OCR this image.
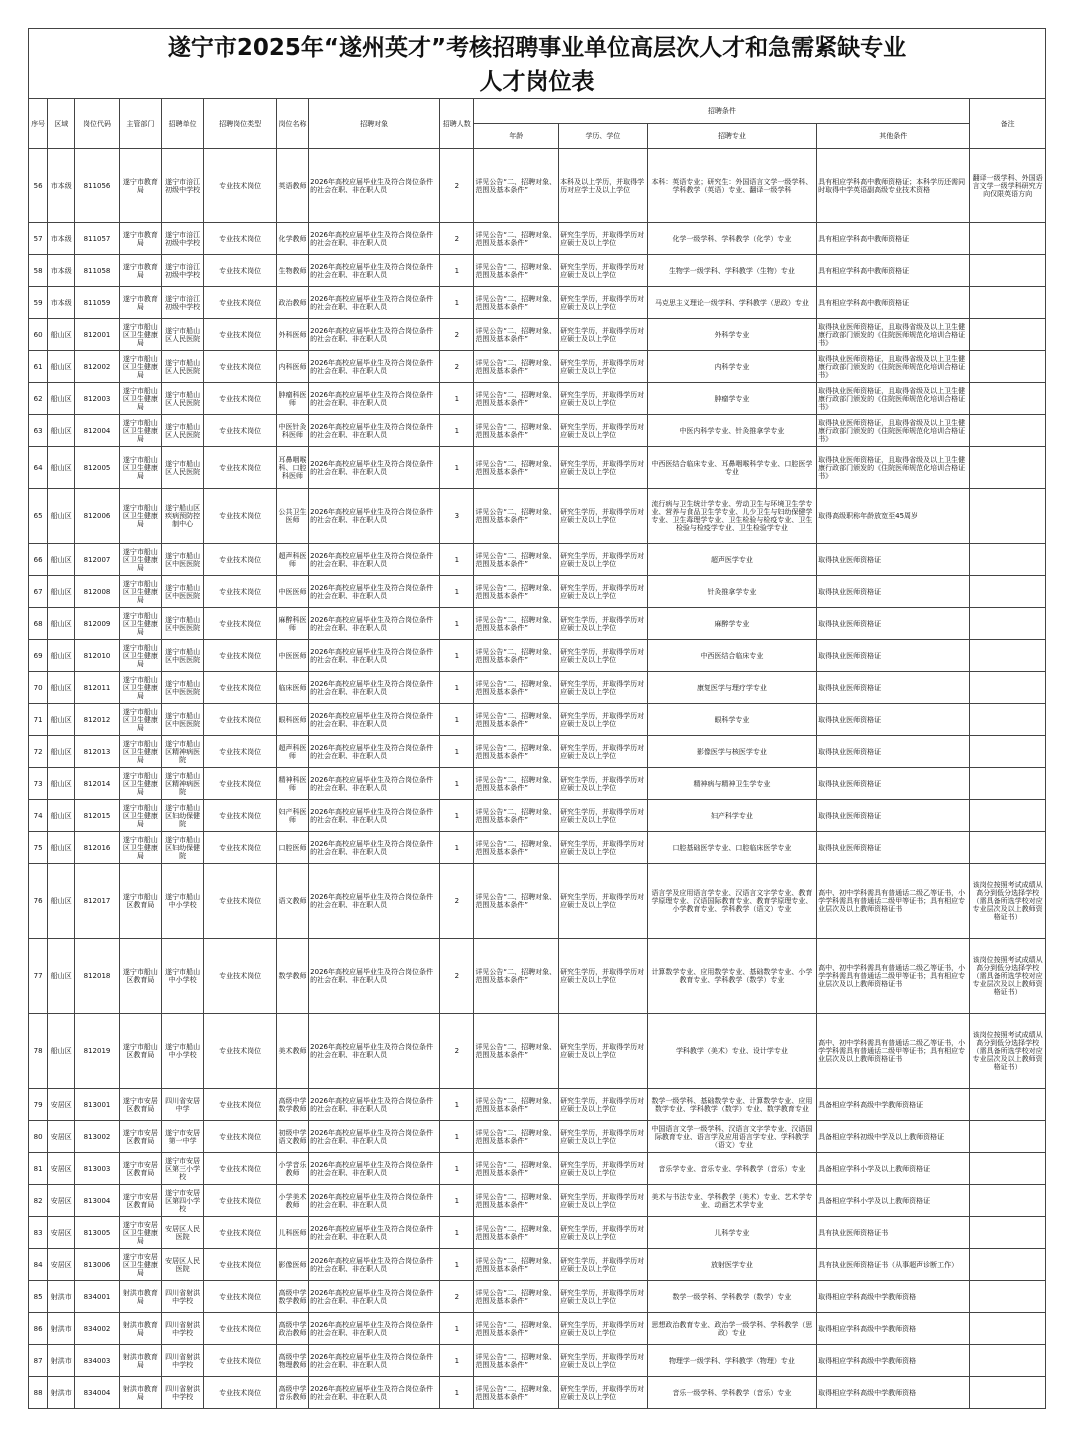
遂宁市2025年“遂州英才”考核招聘事业单位高层次人才和急需紧缺专业
人才岗位表
序号	区域	岗位代码	主管部门	招聘单位	招聘岗位类型	岗位名称	招聘对象	招聘人数	招聘条件				备注
									年龄	学历、学位	招聘专业	其他条件	
56	市本级	811056	遂宁市教育局	遂宁市涪江初级中学校	专业技术岗位	英语教师	2026年高校应届毕业生及符合岗位条件的社会在职、非在职人员	2	详见公告“二、招聘对象、范围及基本条件”	本科及以上学历，并取得学历对应学士及以上学位	本科：英语专业；研究生：外国语言文学一级学科、学科教学（英语）专业、翻译一级学科	具有相应学科高中教师资格证；本科学历还需同时取得中学英语副高级专业技术资格	翻译一级学科、外国语言文学一级学科研究方向仅限英语方向
57	市本级	811057	遂宁市教育局	遂宁市涪江初级中学校	专业技术岗位	化学教师	2026年高校应届毕业生及符合岗位条件的社会在职、非在职人员	2	详见公告“二、招聘对象、范围及基本条件”	研究生学历，并取得学历对应硕士及以上学位	化学一级学科、学科教学（化学）专业	具有相应学科高中教师资格证	
58	市本级	811058	遂宁市教育局	遂宁市涪江初级中学校	专业技术岗位	生物教师	2026年高校应届毕业生及符合岗位条件的社会在职、非在职人员	1	详见公告“二、招聘对象、范围及基本条件”	研究生学历，并取得学历对应硕士及以上学位	生物学一级学科、学科教学（生物）专业	具有相应学科高中教师资格证	
59	市本级	811059	遂宁市教育局	遂宁市涪江初级中学校	专业技术岗位	政治教师	2026年高校应届毕业生及符合岗位条件的社会在职、非在职人员	1	详见公告“二、招聘对象、范围及基本条件”	研究生学历，并取得学历对应硕士及以上学位	马克思主义理论一级学科、学科教学（思政）专业	具有相应学科高中教师资格证	
60	船山区	812001	遂宁市船山区卫生健康局	遂宁市船山区人民医院	专业技术岗位	外科医师	2026年高校应届毕业生及符合岗位条件的社会在职、非在职人员	2	详见公告“二、招聘对象、范围及基本条件”	研究生学历，并取得学历对应硕士及以上学位	外科学专业	取得执业医师资格证，且取得省级及以上卫生健康行政部门颁发的《住院医师规范化培训合格证书》	
61	船山区	812002	遂宁市船山区卫生健康局	遂宁市船山区人民医院	专业技术岗位	内科医师	2026年高校应届毕业生及符合岗位条件的社会在职、非在职人员	2	详见公告“二、招聘对象、范围及基本条件”	研究生学历，并取得学历对应硕士及以上学位	内科学专业	取得执业医师资格证，且取得省级及以上卫生健康行政部门颁发的《住院医师规范化培训合格证书》	
62	船山区	812003	遂宁市船山区卫生健康局	遂宁市船山区人民医院	专业技术岗位	肿瘤科医师	2026年高校应届毕业生及符合岗位条件的社会在职、非在职人员	1	详见公告“二、招聘对象、范围及基本条件”	研究生学历，并取得学历对应硕士及以上学位	肿瘤学专业	取得执业医师资格证，且取得省级及以上卫生健康行政部门颁发的《住院医师规范化培训合格证书》	
63	船山区	812004	遂宁市船山区卫生健康局	遂宁市船山区人民医院	专业技术岗位	中医针灸科医师	2026年高校应届毕业生及符合岗位条件的社会在职、非在职人员	1	详见公告“二、招聘对象、范围及基本条件”	研究生学历，并取得学历对应硕士及以上学位	中医内科学专业、针灸推拿学专业	取得执业医师资格证，且取得省级及以上卫生健康行政部门颁发的《住院医师规范化培训合格证书》	
64	船山区	812005	遂宁市船山区卫生健康局	遂宁市船山区人民医院	专业技术岗位	耳鼻咽喉科、口腔科医师	2026年高校应届毕业生及符合岗位条件的社会在职、非在职人员	1	详见公告“二、招聘对象、范围及基本条件”	研究生学历，并取得学历对应硕士及以上学位	中西医结合临床专业、耳鼻咽喉科学专业、口腔医学专业	取得执业医师资格证，且取得省级及以上卫生健康行政部门颁发的《住院医师规范化培训合格证书》	
65	船山区	812006	遂宁市船山区卫生健康局	遂宁船山区疾病预防控制中心	专业技术岗位	公共卫生医师	2026年高校应届毕业生及符合岗位条件的社会在职、非在职人员	3	详见公告“二、招聘对象、范围及基本条件”	研究生学历，并取得学历对应硕士及以上学位	流行病与卫生统计学专业、劳动卫生与环境卫生学专业、营养与食品卫生学专业、儿少卫生与妇幼保健学专业、卫生毒理学专业、卫生检验与检疫专业、卫生检验与检疫学专业、卫生检验学专业	取得高级职称年龄放宽至45周岁	
66	船山区	812007	遂宁市船山区卫生健康局	遂宁市船山区中医医院	专业技术岗位	超声科医师	2026年高校应届毕业生及符合岗位条件的社会在职、非在职人员	1	详见公告“二、招聘对象、范围及基本条件”	研究生学历，并取得学历对应硕士及以上学位	超声医学专业	取得执业医师资格证	
67	船山区	812008	遂宁市船山区卫生健康局	遂宁市船山区中医医院	专业技术岗位	中医医师	2026年高校应届毕业生及符合岗位条件的社会在职、非在职人员	1	详见公告“二、招聘对象、范围及基本条件”	研究生学历，并取得学历对应硕士及以上学位	针灸推拿学专业	取得执业医师资格证	
68	船山区	812009	遂宁市船山区卫生健康局	遂宁市船山区中医医院	专业技术岗位	麻醉科医师	2026年高校应届毕业生及符合岗位条件的社会在职、非在职人员	1	详见公告“二、招聘对象、范围及基本条件”	研究生学历，并取得学历对应硕士及以上学位	麻醉学专业	取得执业医师资格证	
69	船山区	812010	遂宁市船山区卫生健康局	遂宁市船山区中医医院	专业技术岗位	中医医师	2026年高校应届毕业生及符合岗位条件的社会在职、非在职人员	1	详见公告“二、招聘对象、范围及基本条件”	研究生学历，并取得学历对应硕士及以上学位	中西医结合临床专业	取得执业医师资格证	
70	船山区	812011	遂宁市船山区卫生健康局	遂宁市船山区中医医院	专业技术岗位	临床医师	2026年高校应届毕业生及符合岗位条件的社会在职、非在职人员	1	详见公告“二、招聘对象、范围及基本条件”	研究生学历，并取得学历对应硕士及以上学位	康复医学与理疗学专业	取得执业医师资格证	
71	船山区	812012	遂宁市船山区卫生健康局	遂宁市船山区中医医院	专业技术岗位	眼科医师	2026年高校应届毕业生及符合岗位条件的社会在职、非在职人员	1	详见公告“二、招聘对象、范围及基本条件”	研究生学历，并取得学历对应硕士及以上学位	眼科学专业	取得执业医师资格证	
72	船山区	812013	遂宁市船山区卫生健康局	遂宁市船山区精神病医院	专业技术岗位	超声科医师	2026年高校应届毕业生及符合岗位条件的社会在职、非在职人员	1	详见公告“二、招聘对象、范围及基本条件”	研究生学历，并取得学历对应硕士及以上学位	影像医学与核医学专业	取得执业医师资格证	
73	船山区	812014	遂宁市船山区卫生健康局	遂宁市船山区精神病医院	专业技术岗位	精神科医师	2026年高校应届毕业生及符合岗位条件的社会在职、非在职人员	1	详见公告“二、招聘对象、范围及基本条件”	研究生学历，并取得学历对应硕士及以上学位	精神病与精神卫生学专业	取得执业医师资格证	
74	船山区	812015	遂宁市船山区卫生健康局	遂宁市船山区妇幼保健院	专业技术岗位	妇产科医师	2026年高校应届毕业生及符合岗位条件的社会在职、非在职人员	1	详见公告“二、招聘对象、范围及基本条件”	研究生学历，并取得学历对应硕士及以上学位	妇产科学专业	取得执业医师资格证	
75	船山区	812016	遂宁市船山区卫生健康局	遂宁市船山区妇幼保健院	专业技术岗位	口腔医师	2026年高校应届毕业生及符合岗位条件的社会在职、非在职人员	1	详见公告“二、招聘对象、范围及基本条件”	研究生学历，并取得学历对应硕士及以上学位	口腔基础医学专业、口腔临床医学专业	取得执业医师资格证	
76	船山区	812017	遂宁市船山区教育局	遂宁市船山中小学校	专业技术岗位	语文教师	2026年高校应届毕业生及符合岗位条件的社会在职、非在职人员	2	详见公告“二、招聘对象、范围及基本条件”	研究生学历，并取得学历对应硕士及以上学位	语言学及应用语言学专业、汉语言文字学专业、教育学原理专业、汉语国际教育专业、教育学原理专业、小学教育专业、学科教学（语文）专业	高中、初中学科需具有普通话二级乙等证书，小学学科需具有普通话二级甲等证书；具有相应专业层次及以上教师资格证书	该岗位按照考试成绩从高分到低分选择学校（需具备所选学校对应专业层次及以上教师资格证书）
77	船山区	812018	遂宁市船山区教育局	遂宁市船山中小学校	专业技术岗位	数学教师	2026年高校应届毕业生及符合岗位条件的社会在职、非在职人员	2	详见公告“二、招聘对象、范围及基本条件”	研究生学历，并取得学历对应硕士及以上学位	计算数学专业、应用数学专业、基础数学专业、小学教育专业、学科教学（数学）专业	高中、初中学科需具有普通话二级乙等证书，小学学科需具有普通话二级甲等证书；具有相应专业层次及以上教师资格证书	该岗位按照考试成绩从高分到低分选择学校（需具备所选学校对应专业层次及以上教师资格证书）
78	船山区	812019	遂宁市船山区教育局	遂宁市船山中小学校	专业技术岗位	美术教师	2026年高校应届毕业生及符合岗位条件的社会在职、非在职人员	2	详见公告“二、招聘对象、范围及基本条件”	研究生学历，并取得学历对应硕士及以上学位	学科教学（美术）专业、设计学专业	高中、初中学科需具有普通话二级乙等证书，小学学科需具有普通话二级甲等证书；具有相应专业层次及以上教师资格证书	该岗位按照考试成绩从高分到低分选择学校（需具备所选学校对应专业层次及以上教师资格证书）
79	安居区	813001	遂宁市安居区教育局	四川省安居中学	专业技术岗位	高级中学数学教师	2026年高校应届毕业生及符合岗位条件的社会在职、非在职人员	1	详见公告“二、招聘对象、范围及基本条件”	研究生学历，并取得学历对应硕士及以上学位	数学一级学科、基础数学专业、计算数学专业、应用数学专业、学科教学（数学）专业、数学教育专业	具备相应学科高级中学教师资格证	
80	安居区	813002	遂宁市安居区教育局	遂宁市安居第一中学	专业技术岗位	初级中学语文教师	2026年高校应届毕业生及符合岗位条件的社会在职、非在职人员	1	详见公告“二、招聘对象、范围及基本条件”	研究生学历，并取得学历对应硕士及以上学位	中国语言文学一级学科、汉语言文字学专业、汉语国际教育专业、语言学及应用语言学专业、学科教学（语文）专业	具备相应学科初级中学及以上教师资格证	
81	安居区	813003	遂宁市安居区教育局	遂宁市安居区第三小学校	专业技术岗位	小学音乐教师	2026年高校应届毕业生及符合岗位条件的社会在职、非在职人员	1	详见公告“二、招聘对象、范围及基本条件”	研究生学历，并取得学历对应硕士及以上学位	音乐学专业、音乐专业、学科教学（音乐）专业	具备相应学科小学及以上教师资格证	
82	安居区	813004	遂宁市安居区教育局	遂宁市安居区第四小学校	专业技术岗位	小学美术教师	2026年高校应届毕业生及符合岗位条件的社会在职、非在职人员	1	详见公告“二、招聘对象、范围及基本条件”	研究生学历，并取得学历对应硕士及以上学位	美术与书法专业、学科教学（美术）专业、艺术学专业、动画艺术学专业	具备相应学科小学及以上教师资格证	
83	安居区	813005	遂宁市安居区卫生健康局	安居区人民医院	专业技术岗位	儿科医师	2026年高校应届毕业生及符合岗位条件的社会在职、非在职人员	1	详见公告“二、招聘对象、范围及基本条件”	研究生学历，并取得学历对应硕士及以上学位	儿科学专业	具有执业医师资格证书	
84	安居区	813006	遂宁市安居区卫生健康局	安居区人民医院	专业技术岗位	影像医师	2026年高校应届毕业生及符合岗位条件的社会在职、非在职人员	1	详见公告“二、招聘对象、范围及基本条件”	研究生学历，并取得学历对应硕士及以上学位	放射医学专业	具有执业医师资格证书（从事超声诊断工作）	
85	射洪市	834001	射洪市教育局	四川省射洪中学校	专业技术岗位	高级中学数学教师	2026年高校应届毕业生及符合岗位条件的社会在职、非在职人员	2	详见公告“二、招聘对象、范围及基本条件”	研究生学历，并取得学历对应硕士及以上学位	数学一级学科、学科教学（数学）专业	取得相应学科高级中学教师资格	
86	射洪市	834002	射洪市教育局	四川省射洪中学校	专业技术岗位	高级中学政治教师	2026年高校应届毕业生及符合岗位条件的社会在职、非在职人员	1	详见公告“二、招聘对象、范围及基本条件”	研究生学历，并取得学历对应硕士及以上学位	思想政治教育专业、政治学一级学科、学科教学（思政）专业	取得相应学科高级中学教师资格	
87	射洪市	834003	射洪市教育局	四川省射洪中学校	专业技术岗位	高级中学物理教师	2026年高校应届毕业生及符合岗位条件的社会在职、非在职人员	1	详见公告“二、招聘对象、范围及基本条件”	研究生学历，并取得学历对应硕士及以上学位	物理学一级学科、学科教学（物理）专业	取得相应学科高级中学教师资格	
88	射洪市	834004	射洪市教育局	四川省射洪中学校	专业技术岗位	高级中学音乐教师	2026年高校应届毕业生及符合岗位条件的社会在职、非在职人员	1	详见公告“二、招聘对象、范围及基本条件”	研究生学历，并取得学历对应硕士及以上学位	音乐一级学科、学科教学（音乐）专业	取得相应学科高级中学教师资格	
